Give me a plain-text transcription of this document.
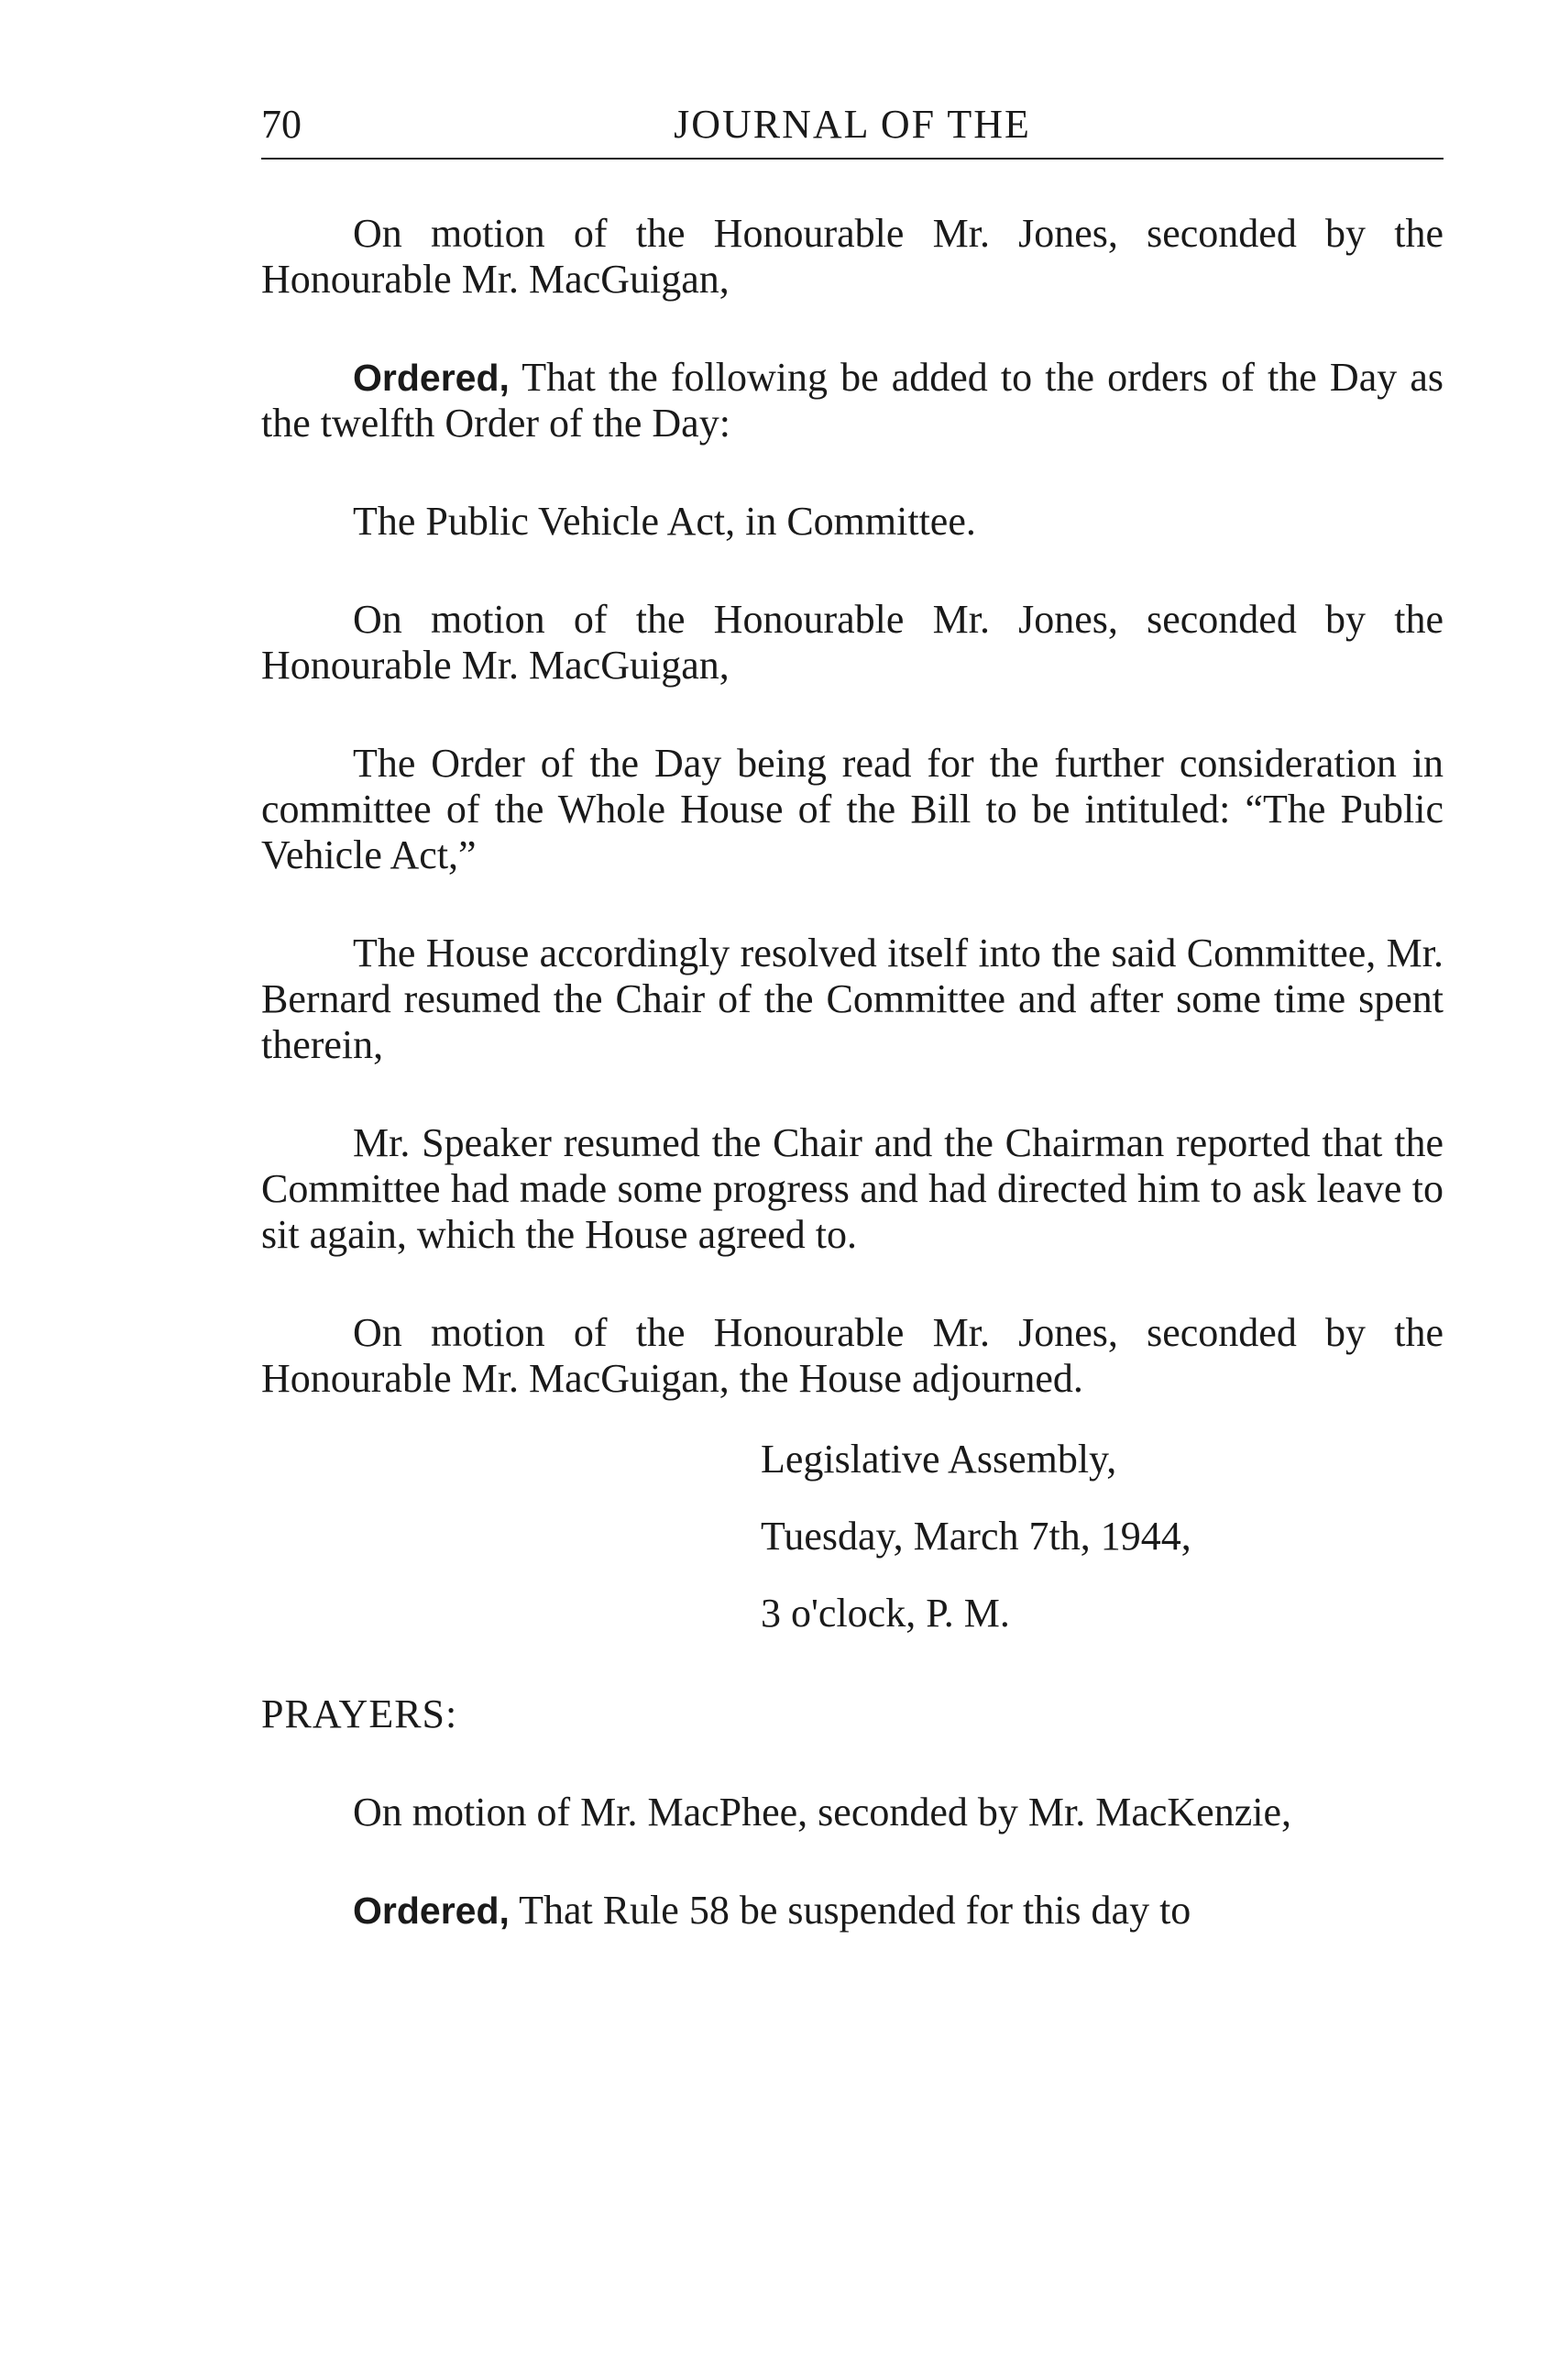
70	JOURNAL OF THE

On motion of the Honourable Mr. Jones, seconded by the Honourable Mr. MacGuigan,

Ordered, That the following be added to the orders of the Day as the twelfth Order of the Day:

The Public Vehicle Act, in Committee.

On motion of the Honourable Mr. Jones, seconded by the Honourable Mr. MacGuigan,

The Order of the Day being read for the further consideration in committee of the Whole House of the Bill to be intituled: “The Public Vehicle Act,”

The House accordingly resolved itself into the said Committee, Mr. Bernard resumed the Chair of the Committee and after some time spent therein,

Mr. Speaker resumed the Chair and the Chairman reported that the Committee had made some progress and had directed him to ask leave to sit again, which the House agreed to.

On motion of the Honourable Mr. Jones, seconded by the Honourable Mr. MacGuigan, the House adjourned.

Legislative Assembly,
Tuesday, March 7th, 1944,
3 o'clock, P. M.

PRAYERS:

On motion of Mr. MacPhee, seconded by Mr. MacKenzie,

Ordered, That Rule 58 be suspended for this day to
